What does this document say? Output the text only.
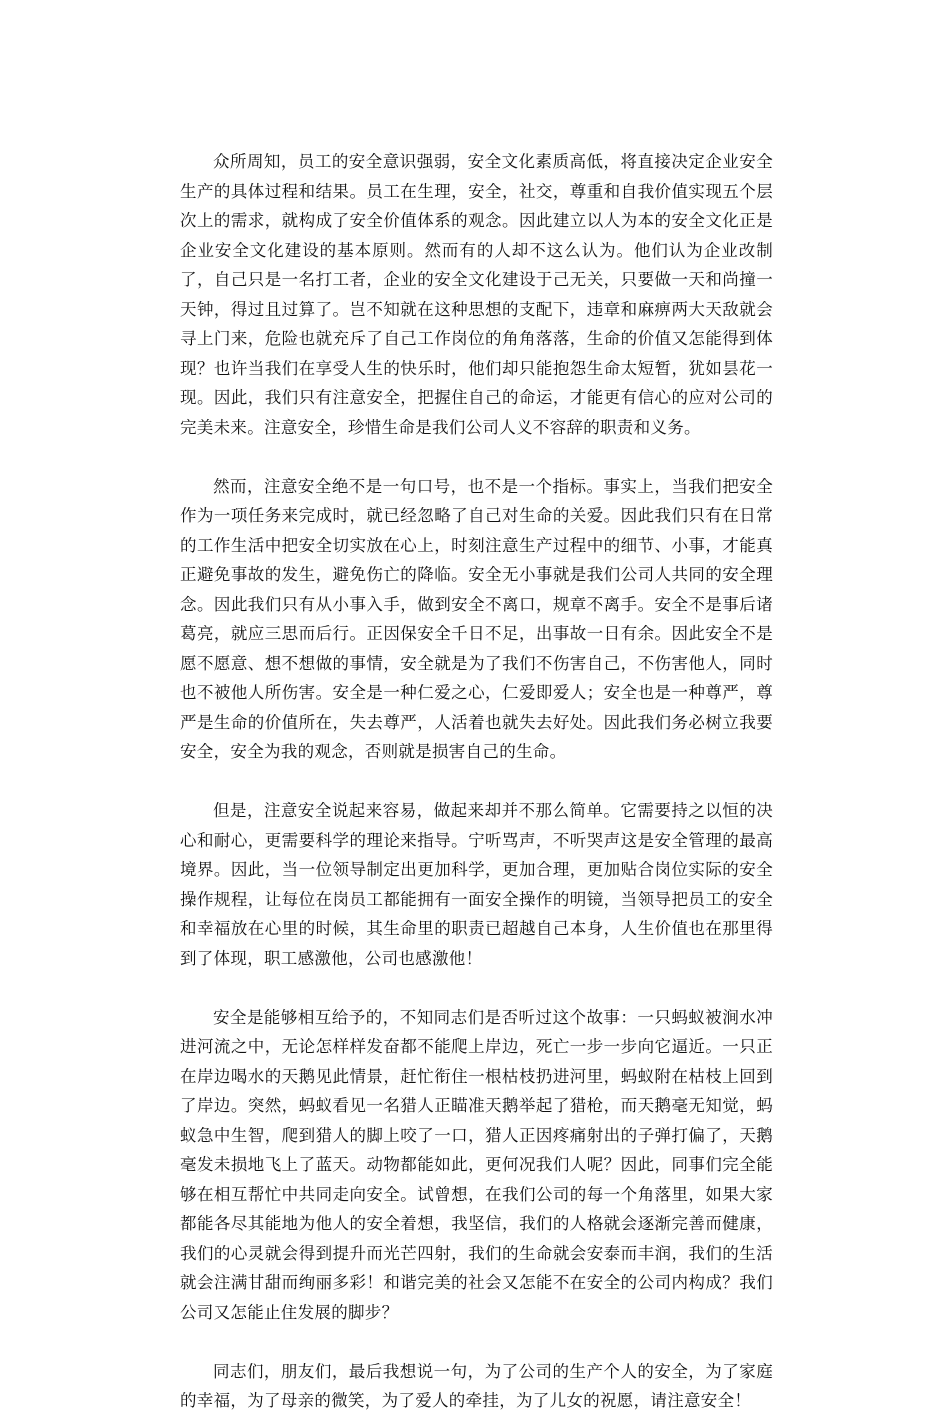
众所周知，员工的安全意识强弱，安全文化素质高低，将直接决定企业安全生产的具体过程和结果。员工在生理，安全，社交，尊重和自我价值实现五个层次上的需求，就构成了安全价值体系的观念。因此建立以人为本的安全文化正是企业安全文化建设的基本原则。然而有的人却不这么认为。他们认为企业改制了，自己只是一名打工者，企业的安全文化建设于己无关，只要做一天和尚撞一天钟，得过且过算了。岂不知就在这种思想的支配下，违章和麻痹两大天敌就会寻上门来，危险也就充斥了自己工作岗位的角角落落，生命的价值又怎能得到体现？也许当我们在享受人生的快乐时，他们却只能抱怨生命太短暂，犹如昙花一现。因此，我们只有注意安全，把握住自己的命运，才能更有信心的应对公司的完美未来。注意安全，珍惜生命是我们公司人义不容辞的职责和义务。

然而，注意安全绝不是一句口号，也不是一个指标。事实上，当我们把安全作为一项任务来完成时，就已经忽略了自己对生命的关爱。因此我们只有在日常的工作生活中把安全切实放在心上，时刻注意生产过程中的细节、小事，才能真正避免事故的发生，避免伤亡的降临。安全无小事就是我们公司人共同的安全理念。因此我们只有从小事入手，做到安全不离口，规章不离手。安全不是事后诸葛亮，就应三思而后行。正因保安全千日不足，出事故一日有余。因此安全不是愿不愿意、想不想做的事情，安全就是为了我们不伤害自己，不伤害他人，同时也不被他人所伤害。安全是一种仁爱之心，仁爱即爱人；安全也是一种尊严，尊严是生命的价值所在，失去尊严，人活着也就失去好处。因此我们务必树立我要安全，安全为我的观念，否则就是损害自己的生命。

但是，注意安全说起来容易，做起来却并不那么简单。它需要持之以恒的决心和耐心，更需要科学的理论来指导。宁听骂声，不听哭声这是安全管理的最高境界。因此，当一位领导制定出更加科学，更加合理，更加贴合岗位实际的安全操作规程，让每位在岗员工都能拥有一面安全操作的明镜，当领导把员工的安全和幸福放在心里的时候，其生命里的职责已超越自己本身，人生价值也在那里得到了体现，职工感激他，公司也感激他！

安全是能够相互给予的，不知同志们是否听过这个故事：一只蚂蚁被涧水冲进河流之中，无论怎样样发奋都不能爬上岸边，死亡一步一步向它逼近。一只正在岸边喝水的天鹅见此情景，赶忙衔住一根枯枝扔进河里，蚂蚁附在枯枝上回到了岸边。突然，蚂蚁看见一名猎人正瞄准天鹅举起了猎枪，而天鹅毫无知觉，蚂蚁急中生智，爬到猎人的脚上咬了一口，猎人正因疼痛射出的子弹打偏了，天鹅毫发未损地飞上了蓝天。动物都能如此，更何况我们人呢？因此，同事们完全能够在相互帮忙中共同走向安全。试曾想，在我们公司的每一个角落里，如果大家都能各尽其能地为他人的安全着想，我坚信，我们的人格就会逐渐完善而健康，我们的心灵就会得到提升而光芒四射，我们的生命就会安泰而丰润，我们的生活就会注满甘甜而绚丽多彩！和谐完美的社会又怎能不在安全的公司内构成？我们公司又怎能止住发展的脚步？

同志们，朋友们，最后我想说一句，为了公司的生产个人的安全，为了家庭的幸福，为了母亲的微笑，为了爱人的牵挂，为了儿女的祝愿，请注意安全！
